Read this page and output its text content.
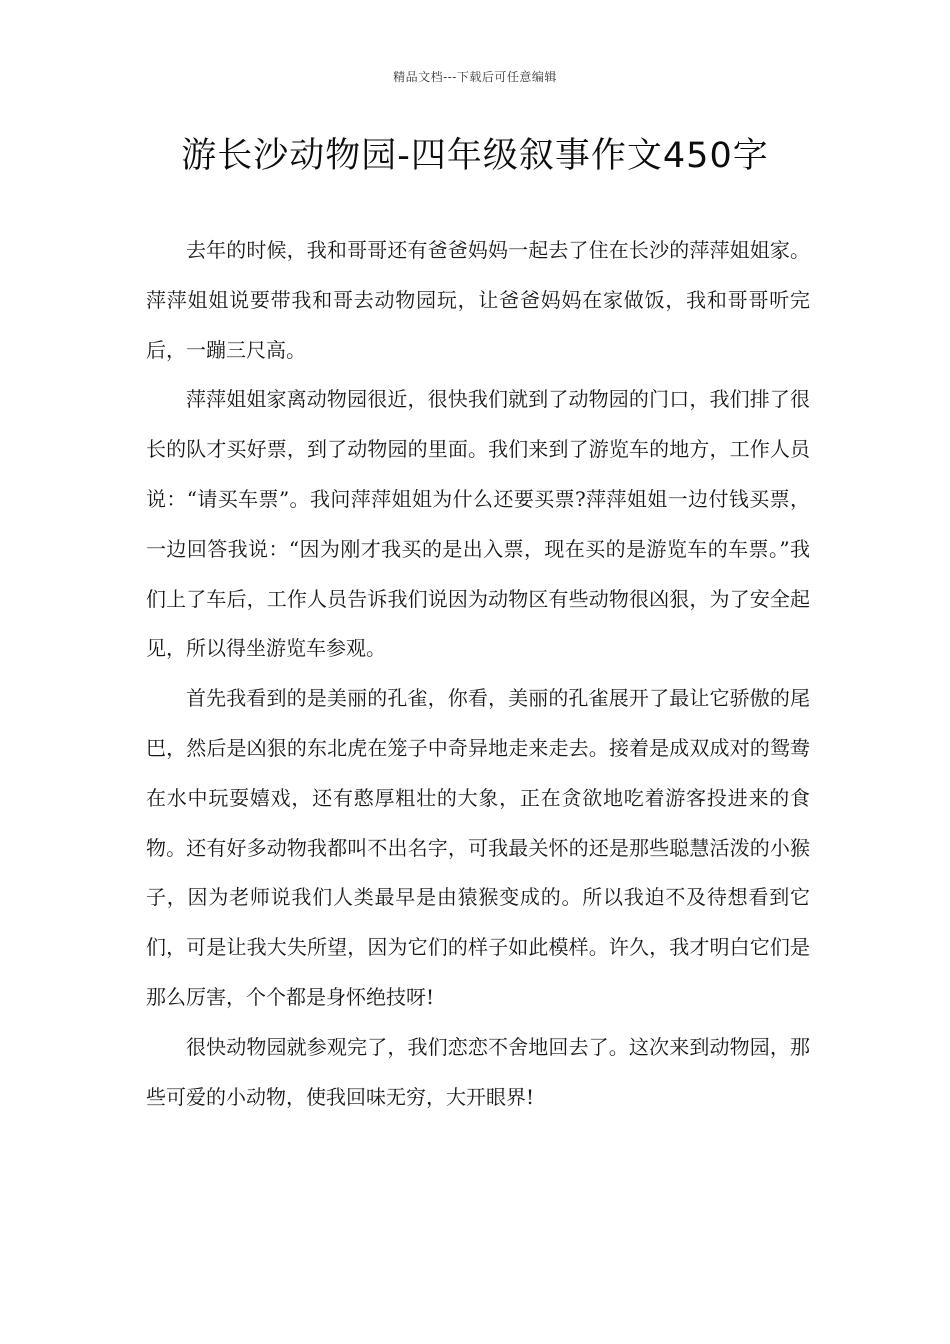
精品文档---下载后可任意编辑
游长沙动物园-四年级叙事作文450字

去年的时候，我和哥哥还有爸爸妈妈一起去了住在长沙的萍萍姐姐家。萍萍姐姐说要带我和哥去动物园玩，让爸爸妈妈在家做饭，我和哥哥听完后，一蹦三尺高。

萍萍姐姐家离动物园很近，很快我们就到了动物园的门口，我们排了很长的队才买好票，到了动物园的里面。我们来到了游览车的地方，工作人员说：“请买车票”。我问萍萍姐姐为什么还要买票?萍萍姐姐一边付钱买票，一边回答我说：“因为刚才我买的是出入票，现在买的是游览车的车票。”我们上了车后，工作人员告诉我们说因为动物区有些动物很凶狠，为了安全起见，所以得坐游览车参观。

首先我看到的是美丽的孔雀，你看，美丽的孔雀展开了最让它骄傲的尾巴，然后是凶狠的东北虎在笼子中奇异地走来走去。接着是成双成对的鸳鸯在水中玩耍嬉戏，还有憨厚粗壮的大象，正在贪欲地吃着游客投进来的食物。还有好多动物我都叫不出名字，可我最关怀的还是那些聪慧活泼的小猴子，因为老师说我们人类最早是由猿猴变成的。所以我迫不及待想看到它们，可是让我大失所望，因为它们的样子如此模样。许久，我才明白它们是那么厉害，个个都是身怀绝技呀!

很快动物园就参观完了，我们恋恋不舍地回去了。这次来到动物园，那些可爱的小动物，使我回味无穷，大开眼界!
